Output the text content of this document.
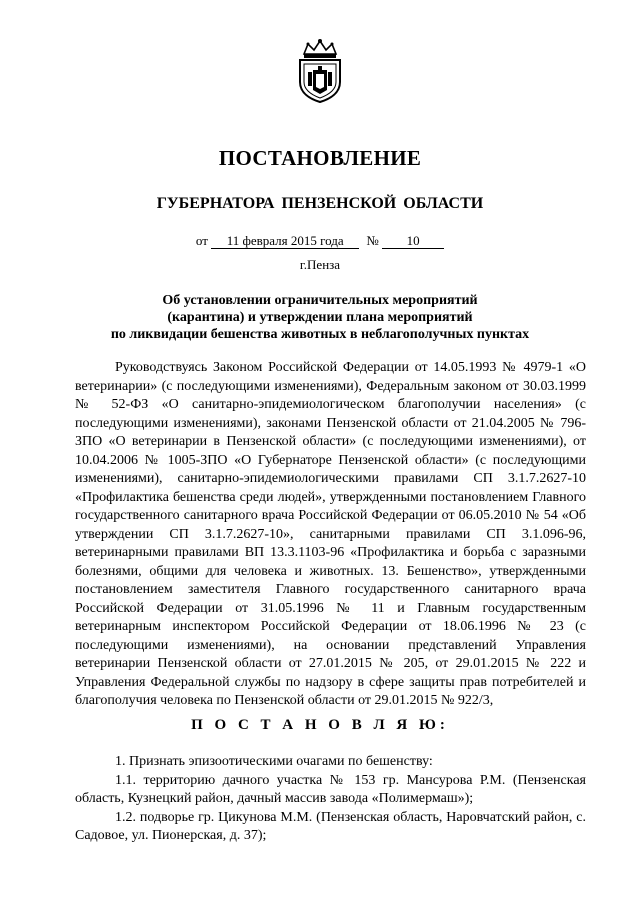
ПОСТАНОВЛЕНИЕ
ГУБЕРНАТОРА ПЕНЗЕНСКОЙ ОБЛАСТИ
от 11 февраля 2015 года № 10
г.Пенза
Об установлении ограничительных мероприятий
(карантина) и утверждении плана мероприятий
по ликвидации бешенства животных в неблагополучных пунктах

Руководствуясь Законом Российской Федерации от 14.05.1993 № 4979-1 «О ветеринарии» (с последующими изменениями), Федеральным законом от 30.03.1999 № 52-ФЗ «О санитарно-эпидемиологическом благополучии населения» (с последующими изменениями), законами Пензенской области от 21.04.2005 № 796-ЗПО «О ветеринарии в Пензенской области» (с последующими изменениями), от 10.04.2006 № 1005-ЗПО «О Губернаторе Пензенской области» (с последующими изменениями), санитарно-эпидемиологическими правилами СП 3.1.7.2627-10 «Профилактика бешенства среди людей», утвержденными постановлением Главного государственного санитарного врача Российской Федерации от 06.05.2010 № 54 «Об утверждении СП 3.1.7.2627-10», санитарными правилами СП 3.1.096-96, ветеринарными правилами ВП 13.3.1103-96 «Профилактика и борьба с заразными болезнями, общими для человека и животных. 13. Бешенство», утвержденными постановлением заместителя Главного государственного санитарного врача Российской Федерации от 31.05.1996 № 11 и Главным государственным ветеринарным инспектором Российской Федерации от 18.06.1996 № 23 (с последующими изменениями), на основании представлений Управления ветеринарии Пензенской области от 27.01.2015 № 205, от 29.01.2015 № 222 и Управления Федеральной службы по надзору в сфере защиты прав потребителей и благополучия человека по Пензенской области от 29.01.2015 № 922/3,

П О С Т А Н О В Л Я Ю:

1. Признать эпизоотическими очагами по бешенству:

1.1. территорию дачного участка № 153 гр. Мансурова Р.М. (Пензенская область, Кузнецкий район, дачный массив завода «Полимермаш»);

1.2. подворье гр. Цикунова М.М. (Пензенская область, Наровчатский район, с. Садовое, ул. Пионерская, д. 37);
